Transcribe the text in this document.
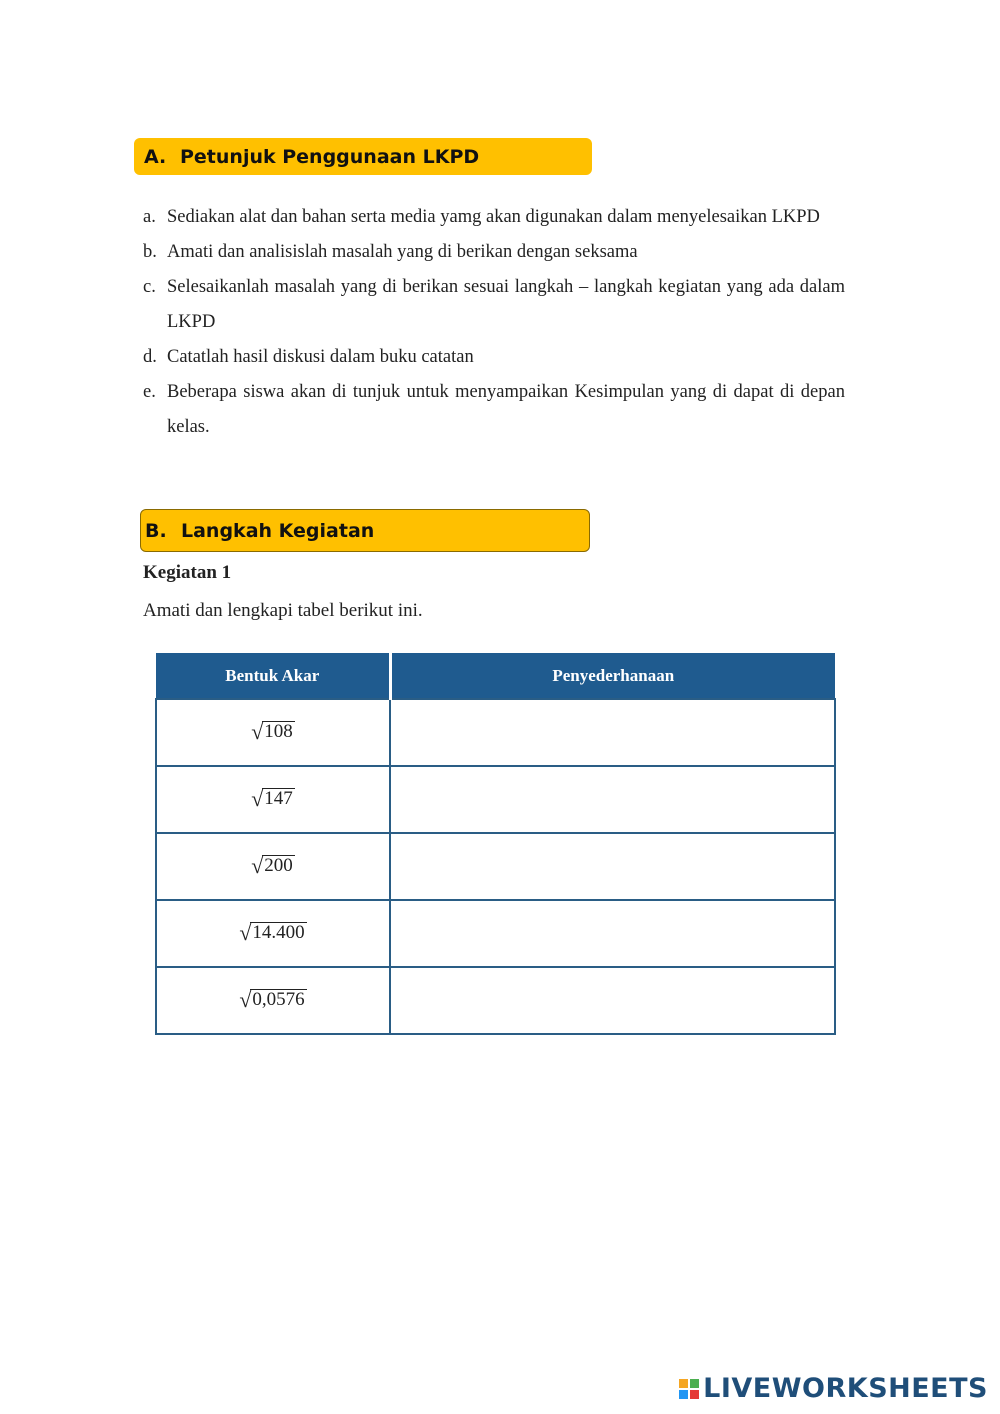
A. Petunjuk Penggunaan LKPD
a. Sediakan alat dan bahan serta media yamg akan digunakan dalam menyelesaikan LKPD
b. Amati dan analisislah masalah yang di berikan dengan seksama
c. Selesaikanlah masalah yang di berikan sesuai langkah – langkah kegiatan yang ada dalam LKPD
d. Catatlah hasil diskusi dalam buku catatan
e. Beberapa siswa akan di tunjuk untuk menyampaikan Kesimpulan yang di dapat di depan kelas.
B. Langkah Kegiatan
Kegiatan 1
Amati dan lengkapi tabel berikut ini.
Bentuk Akar	Penyederhanaan

√ 108	

√ 147	

√ 200	

√ 14.400	

√ 0,0576	

LIVEWORKSHEETS
